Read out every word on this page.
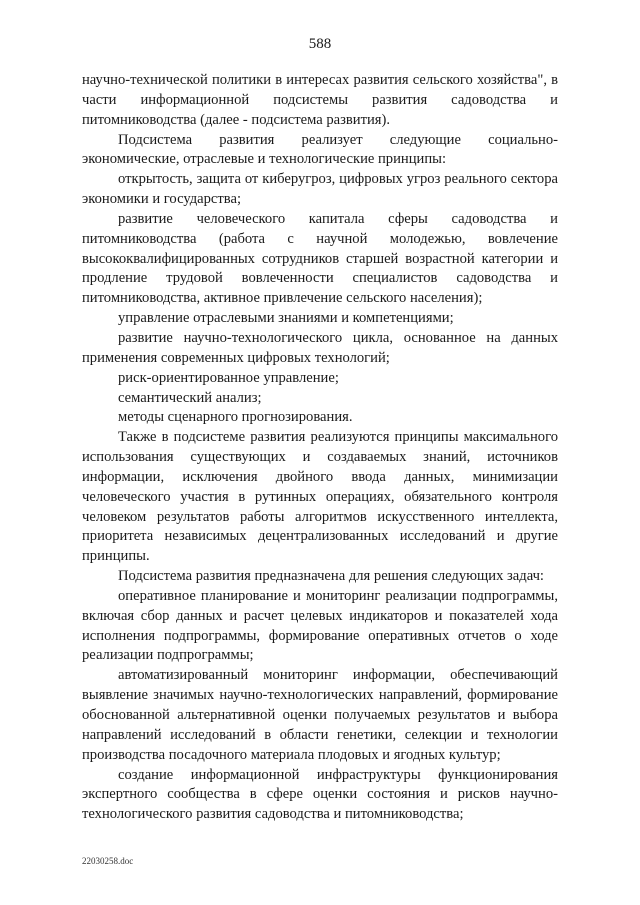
588

научно-технической политики в интересах развития сельского хозяйства", в части информационной подсистемы развития садоводства и питомниководства (далее - подсистема развития).

Подсистема развития реализует следующие социально-экономические, отраслевые и технологические принципы:

открытость, защита от киберугроз, цифровых угроз реального сектора экономики и государства;

развитие человеческого капитала сферы садоводства и питомниководства (работа с научной молодежью, вовлечение высококвалифицированных сотрудников старшей возрастной категории и продление трудовой вовлеченности специалистов садоводства и питомниководства, активное привлечение сельского населения);

управление отраслевыми знаниями и компетенциями;

развитие научно-технологического цикла, основанное на данных применения современных цифровых технологий;

риск-ориентированное управление;

семантический анализ;

методы сценарного прогнозирования.

Также в подсистеме развития реализуются принципы максимального использования существующих и создаваемых знаний, источников информации, исключения двойного ввода данных, минимизации человеческого участия в рутинных операциях, обязательного контроля человеком результатов работы алгоритмов искусственного интеллекта, приоритета независимых децентрализованных исследований и другие принципы.

Подсистема развития предназначена для решения следующих задач:

оперативное планирование и мониторинг реализации подпрограммы, включая сбор данных и расчет целевых индикаторов и показателей хода исполнения подпрограммы, формирование оперативных отчетов о ходе реализации подпрограммы;

автоматизированный мониторинг информации, обеспечивающий выявление значимых научно-технологических направлений, формирование обоснованной альтернативной оценки получаемых результатов и выбора направлений исследований в области генетики, селекции и технологии производства посадочного материала плодовых и ягодных культур;

создание информационной инфраструктуры функционирования экспертного сообщества в сфере оценки состояния и рисков научно-технологического развития садоводства и питомниководства;

22030258.doc
